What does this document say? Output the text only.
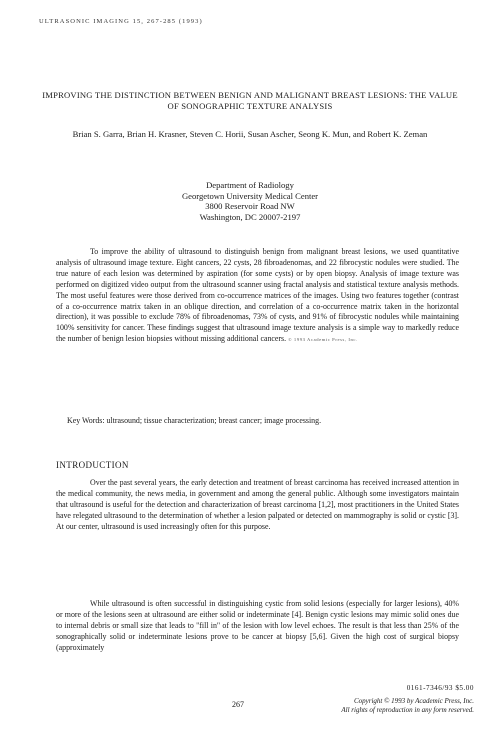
ULTRASONIC IMAGING 15, 267-285 (1993)
IMPROVING THE DISTINCTION BETWEEN BENIGN AND MALIGNANT BREAST LESIONS: THE VALUE OF SONOGRAPHIC TEXTURE ANALYSIS
Brian S. Garra, Brian H. Krasner, Steven C. Horii, Susan Ascher, Seong K. Mun, and Robert K. Zeman
Department of Radiology
Georgetown University Medical Center
3800 Reservoir Road NW
Washington, DC 20007-2197

To improve the ability of ultrasound to distinguish benign from malignant breast lesions, we used quantitative analysis of ultrasound image texture. Eight cancers, 22 cysts, 28 fibroadenomas, and 22 fibrocystic nodules were studied. The true nature of each lesion was determined by aspiration (for some cysts) or by open biopsy. Analysis of image texture was performed on digitized video output from the ultrasound scanner using fractal analysis and statistical texture analysis methods. The most useful features were those derived from co-occurrence matrices of the images. Using two features together (contrast of a co-occurrence matrix taken in an oblique direction, and correlation of a co-occurrence matrix taken in the horizontal direction), it was possible to exclude 78% of fibroadenomas, 73% of cysts, and 91% of fibrocystic nodules while maintaining 100% sensitivity for cancer. These findings suggest that ultrasound image texture analysis is a simple way to markedly reduce the number of benign lesion biopsies without missing additional cancers. © 1993 Academic Press, Inc.

Key Words: ultrasound; tissue characterization; breast cancer; image processing.
INTRODUCTION

Over the past several years, the early detection and treatment of breast carcinoma has received increased attention in the medical community, the news media, in government and among the general public. Although some investigators maintain that ultrasound is useful for the detection and characterization of breast carcinoma [1,2], most practitioners in the United States have relegated ultrasound to the determination of whether a lesion palpated or detected on mammography is solid or cystic [3]. At our center, ultrasound is used increasingly often for this purpose.

While ultrasound is often successful in distinguishing cystic from solid lesions (especially for larger lesions), 40% or more of the lesions seen at ultrasound are either solid or indeterminate [4]. Benign cystic lesions may mimic solid ones due to internal debris or small size that leads to "fill in" of the lesion with low level echoes. The result is that less than 25% of the sonographically solid or indeterminate lesions prove to be cancer at biopsy [5,6]. Given the high cost of surgical biopsy (approximately

0161-7346/93 $5.00
Copyright © 1993 by Academic Press, Inc.
All rights of reproduction in any form reserved.
267
